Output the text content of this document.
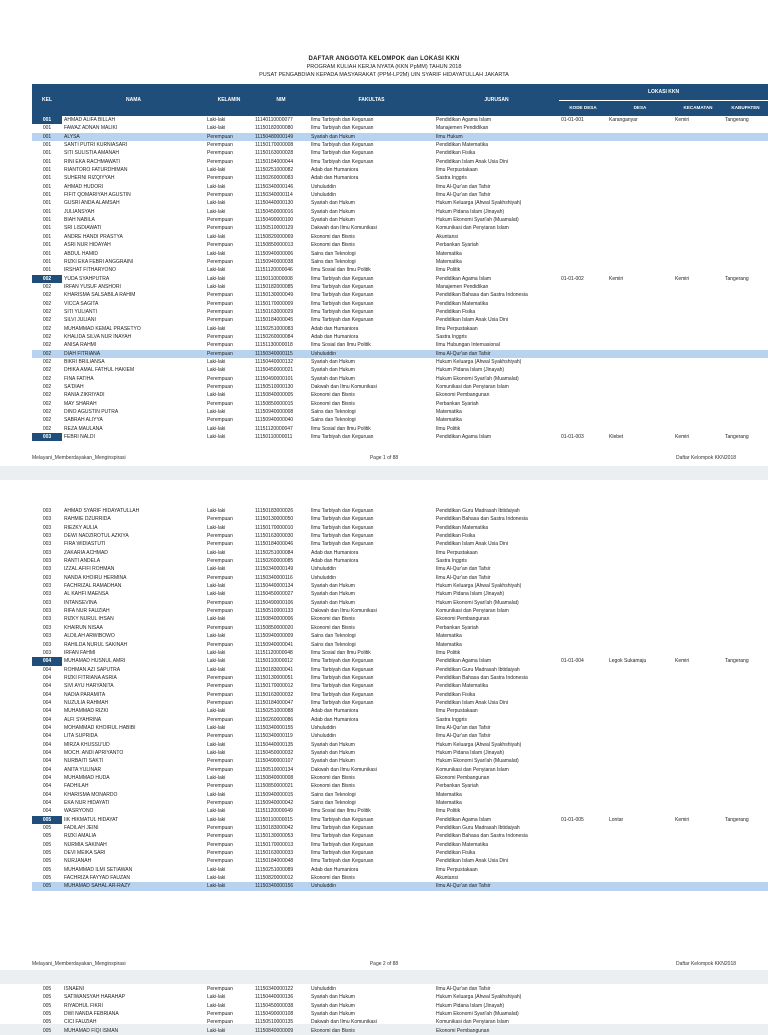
DAFTAR ANGGOTA KELOMPOK dan LOKASI KKN
PROGRAM KULIAH KERJA NYATA (KKN PpMM) TAHUN 2018
PUSAT PENGABDIAN KEPADA MASYARAKAT (PPM-LP2M) UIN SYARIF HIDAYATULLAH JAKARTA
KEL	NAMA	KELAMIN	NIM	FAKULTAS	JURUSAN	LOKASI KKN			
						KODE DESA	DESA	KECAMATAN	KABUPATEN
001	AHMAD ALIFA BILLAH	Laki-laki	11140110000077	Ilmu Tarbiyah dan Keguruan	Pendidikan Agama Islam	01-01-001	Karanganyar	Kemiri	Tangerang
001	FAWAZ ADNAN MALIKI	Laki-laki	11150182000080	Ilmu Tarbiyah dan Keguruan	Manajemen Pendidikan				
001	ALYSA	Perempuan	11150480000149	Syariah dan Hukum	Ilmu Hukum				
001	SANTI PUTRI KURNIASARI	Perempuan	11150170000008	Ilmu Tarbiyah dan Keguruan	Pendidikan Matematika				
001	SITI SULISTIA AMANAH	Perempuan	11150163000028	Ilmu Tarbiyah dan Keguruan	Pendidikan Fisika				
001	RINI EKA RACHMAWATI	Perempuan	11150184000044	Ilmu Tarbiyah dan Keguruan	Pendidikan Islam Anak Usia Dini				
001	RIANTORO FATURDHIMAN	Laki-laki	11150251000082	Adab dan Humaniora	Ilmu Perpustakaan				
001	SUHERNI RIZQIYYAH	Perempuan	11150260000083	Adab dan Humaniora	Sastra Inggris				
001	AHMAD HUDORI	Laki-laki	11150340000146	Ushuluddin	Ilmu Al-Qur'an dan Tafsir				
001	FIFIT QOMARIYAH AGUSTIN	Perempuan	11150340000114	Ushuluddin	Ilmu Al-Qur'an dan Tafsir				
001	GUSRI ANDA ALAMSAH	Laki-laki	11150440000130	Syariah dan Hukum	Hukum Keluarga (Ahwal Syakhshiyah)				
001	JULIANSYAH	Laki-laki	11150450000016	Syariah dan Hukum	Hukum Pidana Islam (Jinayah)				
001	BIAH NABILA	Perempuan	11150490000100	Syariah dan Hukum	Hukum Ekonomi Syari'ah (Muamalat)				
001	SRI LISDIAWATI	Perempuan	11150510000129	Dakwah dan Ilmu Komunikasi	Komunikasi dan Penyiaran Islam				
001	ANDRE HANDI PRASTYA	Laki-laki	11150820000069	Ekonomi dan Bisnis	Akuntansi				
001	ASRI NUR HIDAYAH	Perempuan	11150850000013	Ekonomi dan Bisnis	Perbankan Syariah				
001	ABDUL HAMID	Laki-laki	11150940000006	Sains dan Teknologi	Matematika				
001	RIZKI EKA FEBRI ANGGRAINI	Perempuan	11150940000038	Sains dan Teknologi	Matematika				
001	IRSHAT FITHARYONO	Laki-laki	11151120000046	Ilmu Sosial dan Ilmu Politik	Ilmu Politik				
002	YUDA SYAHPUTRA	Laki-laki	11150110000008	Ilmu Tarbiyah dan Keguruan	Pendidikan Agama Islam	01-01-002	Kemiri	Kemiri	Tangerang
002	IRFAN YUSUF ANSHORI	Laki-laki	11150182000085	Ilmu Tarbiyah dan Keguruan	Manajemen Pendidikan				
002	KHARISMA SALSABILA RAHIM	Perempuan	11150130000049	Ilmu Tarbiyah dan Keguruan	Pendidikan Bahasa dan Sastra Indonesia				
002	VICCA SAGITA	Perempuan	11150170000009	Ilmu Tarbiyah dan Keguruan	Pendidikan Matematika				
002	SITI YULIANTI	Perempuan	11150163000029	Ilmu Tarbiyah dan Keguruan	Pendidikan Fisika				
002	SILVI JULIANI	Perempuan	11150184000045	Ilmu Tarbiyah dan Keguruan	Pendidikan Islam Anak Usia Dini				
002	MUHAMMAD KEMAL PRASETYO	Laki-laki	11150251000083	Adab dan Humaniora	Ilmu Perpustakaan				
002	KHALIDA SILVA NUR INAYAH	Perempuan	11150260000084	Adab dan Humaniora	Sastra Inggris				
002	ANISA RAHMI	Perempuan	11151130000018	Ilmu Sosial dan Ilmu Politik	Ilmu Hubungan Internasional				
002	DIAH FITRIANA	Perempuan	11150340000115	Ushuluddin	Ilmu Al-Qur'an dan Tafsir				
002	BIKRI BRILIANSA	Laki-laki	11150440000132	Syariah dan Hukum	Hukum Keluarga (Ahwal Syakhshiyah)				
002	DHIKA AMAL FATHUL HAKIEM	Laki-laki	11150450000021	Syariah dan Hukum	Hukum Pidana Islam (Jinayah)				
002	FINA FATIHA	Perempuan	11150490000101	Syariah dan Hukum	Hukum Ekonomi Syari'ah (Muamalat)				
002	SA'DIAH	Perempuan	11150510000130	Dakwah dan Ilmu Komunikasi	Komunikasi dan Penyiaran Islam				
002	RANIA ZIKRIYADI	Laki-laki	11150840000005	Ekonomi dan Bisnis	Ekonomi Pembangunan				
002	MAY SHARAH	Perempuan	11150850000015	Ekonomi dan Bisnis	Perbankan Syariah				
002	DINO AGUSTIN PUTRA	Laki-laki	11150940000008	Sains dan Teknologi	Matematika				
002	SABRAH ALIYYA	Perempuan	11150940000040	Sains dan Teknologi	Matematika				
002	REZA MAULANA	Laki-laki	11151120000047	Ilmu Sosial dan Ilmu Politik	Ilmu Politik				
003	FEBRI NALDI	Laki-laki	11150110000011	Ilmu Tarbiyah dan Keguruan	Pendidikan Agama Islam	01-01-003	Klebet	Kemiri	Tangerang
Melayani_Memberdayakan_Menginspirasi	Page 1 of 88	Daftar Kelompok KKN2018
003	AHMAD SYARIF HIDAYATULLAH	Laki-laki	11150183000026	Ilmu Tarbiyah dan Keguruan	Pendidikan Guru Madrasah Ibtidaiyah				
003	RAHMIE DZURRIDA	Perempuan	11150130000050	Ilmu Tarbiyah dan Keguruan	Pendidikan Bahasa dan Sastra Indonesia				
003	RIEZKY AULIA	Laki-laki	11150170000010	Ilmu Tarbiyah dan Keguruan	Pendidikan Matematika				
003	DEWI NADZIROTUL AZKIYA	Perempuan	11150163000030	Ilmu Tarbiyah dan Keguruan	Pendidikan Fisika				
003	FIRA WIDIASTUTI	Perempuan	11150184000046	Ilmu Tarbiyah dan Keguruan	Pendidikan Islam Anak Usia Dini				
003	ZAKARIA ACHMAD	Laki-laki	11150251000084	Adab dan Humaniora	Ilmu Perpustakaan				
003	RANTI ANDELA	Perempuan	11150260000085	Adab dan Humaniora	Sastra Inggris				
003	IZZAL AFIFI ROHMAN	Laki-laki	11150340000149	Ushuluddin	Ilmu Al-Qur'an dan Tafsir				
003	NANDA KHOIRU HERMINA	Perempuan	11150340000116	Ushuluddin	Ilmu Al-Qur'an dan Tafsir				
003	FACHRIZAL RAMADHAN	Laki-laki	11150440000134	Syariah dan Hukum	Hukum Keluarga (Ahwal Syakhshiyah)				
003	AL KAHFI MAENSA	Laki-laki	11150450000027	Syariah dan Hukum	Hukum Pidana Islam (Jinayah)				
003	INTANSEVINA	Perempuan	11150490000106	Syariah dan Hukum	Hukum Ekonomi Syari'ah (Muamalat)				
003	RIFA NUR FAUZIAH	Perempuan	11150510000133	Dakwah dan Ilmu Komunikasi	Komunikasi dan Penyiaran Islam				
003	RIZKY NURUL IHSAN	Laki-laki	11150840000006	Ekonomi dan Bisnis	Ekonomi Pembangunan				
003	KHAIRUN NISAA	Perempuan	11150850000020	Ekonomi dan Bisnis	Perbankan Syariah				
003	ALDILAH ARWIBOWO	Laki-laki	11150940000009	Sains dan Teknologi	Matematika				
003	RAHILDA NURUL SAKINAH	Perempuan	11150940000041	Sains dan Teknologi	Matematika				
003	IRFAN FAHMI	Laki-laki	11151120000048	Ilmu Sosial dan Ilmu Politik	Ilmu Politik				
004	MUHAMAD HUSNUL AMRI	Laki-laki	11150110000012	Ilmu Tarbiyah dan Keguruan	Pendidikan Agama Islam	01-01-004	Legok Sukamaju	Kemiri	Tangerang
004	ROHMAN AZI SAPUTRA	Laki-laki	11150183000041	Ilmu Tarbiyah dan Keguruan	Pendidikan Guru Madrasah Ibtidaiyah				
004	RIZKI FITRIANA ASRIA	Perempuan	11150130000051	Ilmu Tarbiyah dan Keguruan	Pendidikan Bahasa dan Sastra Indonesia				
004	SIVI AYU HARYANITA	Perempuan	11150170000012	Ilmu Tarbiyah dan Keguruan	Pendidikan Matematika				
004	NADIA PARAMITA	Perempuan	11150163000032	Ilmu Tarbiyah dan Keguruan	Pendidikan Fisika				
004	NUZULIA RAHMAH	Perempuan	11150184000047	Ilmu Tarbiyah dan Keguruan	Pendidikan Islam Anak Usia Dini				
004	MUHAMMAD RIZKI	Laki-laki	11150251000088	Adab dan Humaniora	Ilmu Perpustakaan				
004	ALFI SYAHRINA	Perempuan	11150260000086	Adab dan Humaniora	Sastra Inggris				
004	MOHAMMAD KHOIRUL HABIBI	Laki-laki	11150340000155	Ushuluddin	Ilmu Al-Qur'an dan Tafsir				
004	LITA SUPRIDA	Perempuan	11150340000119	Ushuluddin	Ilmu Al-Qur'an dan Tafsir				
004	MIRZA KHUSSU'UD	Laki-laki	11150440000135	Syariah dan Hukum	Hukum Keluarga (Ahwal Syakhshiyah)				
004	MOCH. ANDI APRIYANTO	Laki-laki	11150450000032	Syariah dan Hukum	Hukum Pidana Islam (Jinayah)				
004	NURBAITI SAKTI	Perempuan	11150490000107	Syariah dan Hukum	Hukum Ekonomi Syari'ah (Muamalat)				
004	ANITA YULINAR	Perempuan	11150510000134	Dakwah dan Ilmu Komunikasi	Komunikasi dan Penyiaran Islam				
004	MUHAMMAD HUDA	Laki-laki	11150840000008	Ekonomi dan Bisnis	Ekonomi Pembangunan				
004	FADHILAH	Perempuan	11150850000021	Ekonomi dan Bisnis	Perbankan Syariah				
004	KHARISMA MONARDO	Laki-laki	11150940000015	Sains dan Teknologi	Matematika				
004	EKA NUR HIDAYATI	Perempuan	11150940000042	Sains dan Teknologi	Matematika				
004	WASRYONO	Laki-laki	11151120000049	Ilmu Sosial dan Ilmu Politik	Ilmu Politik				
005	IIK HIKMATUL HIDAYAT	Laki-laki	11150110000015	Ilmu Tarbiyah dan Keguruan	Pendidikan Agama Islam	01-01-005	Lontar	Kemiri	Tangerang
005	FADILAH JEINI	Perempuan	11150183000042	Ilmu Tarbiyah dan Keguruan	Pendidikan Guru Madrasah Ibtidaiyah				
005	RIZKI AMALIA	Perempuan	11150130000053	Ilmu Tarbiyah dan Keguruan	Pendidikan Bahasa dan Sastra Indonesia				
005	NURMIA SAKINAH	Perempuan	11150170000013	Ilmu Tarbiyah dan Keguruan	Pendidikan Matematika				
005	DEVI MEIKA SARI	Perempuan	11150163000033	Ilmu Tarbiyah dan Keguruan	Pendidikan Fisika				
005	NURJANAH	Perempuan	11150184000048	Ilmu Tarbiyah dan Keguruan	Pendidikan Islam Anak Usia Dini				
005	MUHAMMAD ILMI SETIAWAN	Laki-laki	11150251000089	Adab dan Humaniora	Ilmu Perpustakaan				
005	FACHRIZA FAYYAD FAUZAN	Laki-laki	11150820000012	Ekonomi dan Bisnis	Akuntansi				
005	MUHAMAD SAHAL AR-RAZY	Laki-laki	11150340000156	Ushuluddin	Ilmu Al-Qur'an dan Tafsir				
Melayani_Memberdayakan_Menginspirasi	Page 2 of 88	Daftar Kelompok KKN2018
005	ISNAENI	Perempuan	11150340000122	Ushuluddin	Ilmu Al-Qur'an dan Tafsir				
005	SATIWANSYAH HARAHAP	Laki-laki	11150440000136	Syariah dan Hukum	Hukum Keluarga (Ahwal Syakhshiyah)				
005	RIYADHUL FIKRI	Laki-laki	11150450000038	Syariah dan Hukum	Hukum Pidana Islam (Jinayah)				
005	DWI NANDA FEBRIANA	Perempuan	11150490000108	Syariah dan Hukum	Hukum Ekonomi Syari'ah (Muamalat)				
005	CICI FAUZIAH	Perempuan	11150510000135	Dakwah dan Ilmu Komunikasi	Komunikasi dan Penyiaran Islam				
005	MUHAMAD FIQI ISMAN	Laki-laki	11150840000009	Ekonomi dan Bisnis	Ekonomi Pembangunan				
